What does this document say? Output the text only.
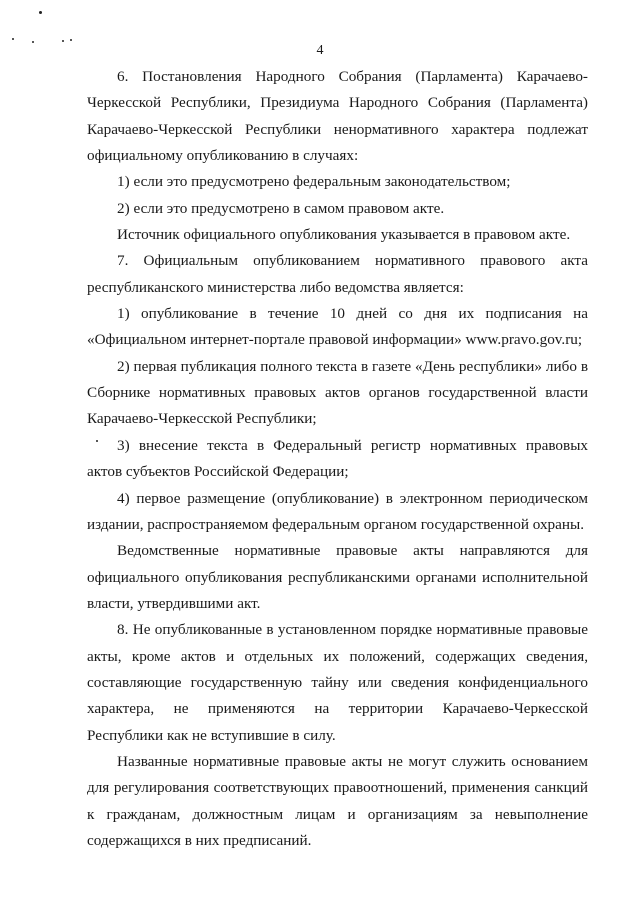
4

6. Постановления Народного Собрания (Парламента) Карачаево-Черкесской Республики, Президиума Народного Собрания (Парламента) Карачаево-Черкесской Республики ненормативного характера подлежат официальному опубликованию в случаях:

1) если это предусмотрено федеральным законодательством;

2) если это предусмотрено в самом правовом акте.

Источник официального опубликования указывается в правовом акте.

7. Официальным опубликованием нормативного правового акта республиканского министерства либо ведомства является:

1) опубликование в течение 10 дней со дня их подписания на «Официальном интернет-портале правовой информации» www.pravo.gov.ru;

2) первая публикация полного текста в газете «День республики» либо в Сборнике нормативных правовых актов органов государственной власти Карачаево-Черкесской Республики;

3) внесение текста в Федеральный регистр нормативных правовых актов субъектов Российской Федерации;

4) первое размещение (опубликование) в электронном периодическом издании, распространяемом федеральным органом государственной охраны.

Ведомственные нормативные правовые акты направляются для официального опубликования республиканскими органами исполнительной власти, утвердившими акт.

8. Не опубликованные в установленном порядке нормативные правовые акты, кроме актов и отдельных их положений, содержащих сведения, составляющие государственную тайну или сведения конфиденциального характера, не применяются на территории Карачаево-Черкесской Республики как не вступившие в силу.

Названные нормативные правовые акты не могут служить основанием для регулирования соответствующих правоотношений, применения санкций к гражданам, должностным лицам и организациям за невыполнение содержащихся в них предписаний.
